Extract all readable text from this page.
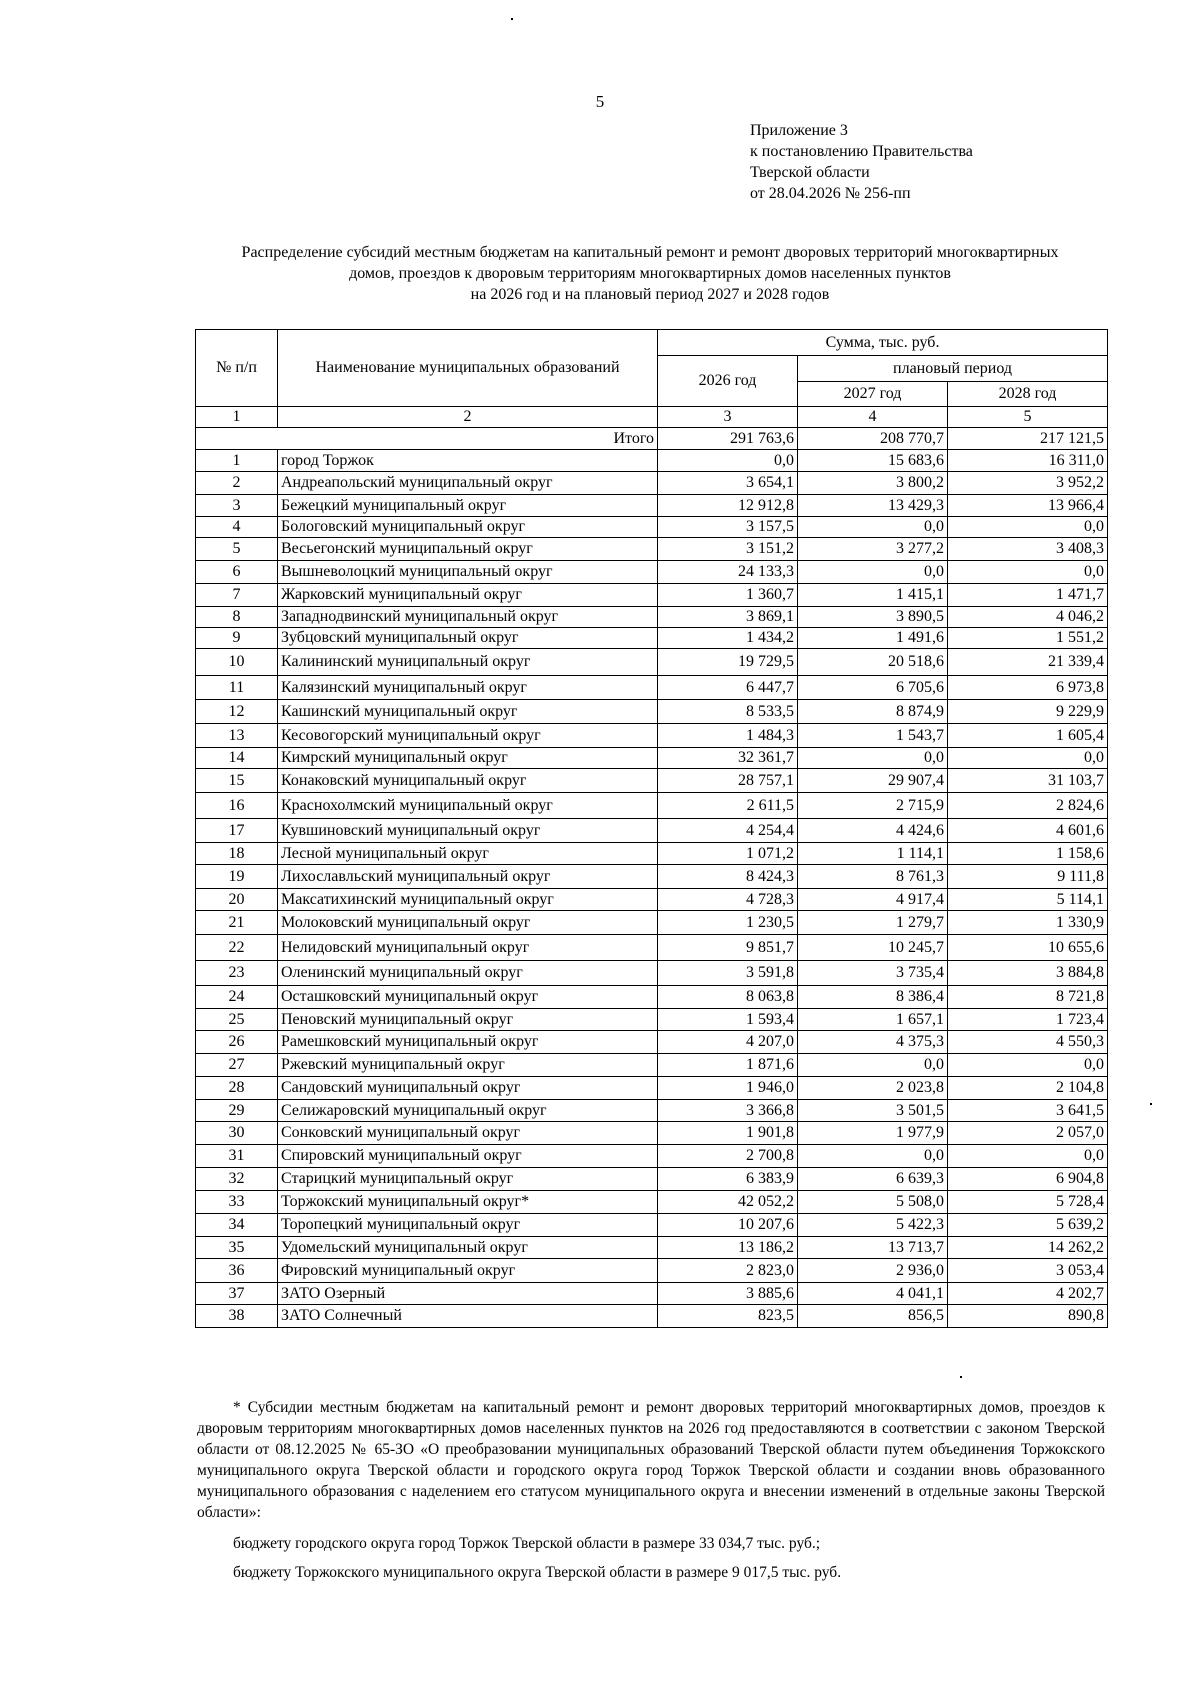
5
Приложение 3
к постановлению Правительства
Тверской области
от 28.04.2026 № 256-пп
Распределение субсидий местным бюджетам на капитальный ремонт и ремонт дворовых территорий многоквартирных
домов, проездов к дворовым территориям многоквартирных домов населенных пунктов
на 2026 год и на плановый период 2027 и 2028 годов
№ п/п	Наименование муниципальных образований	Сумма, тыс. руб.		
		2026 год	плановый период	
			2027 год	2028 год
1	2	3	4	5
Итого		291 763,6	208 770,7	217 121,5
1	город Торжок	0,0	15 683,6	16 311,0
2	Андреапольский муниципальный округ	3 654,1	3 800,2	3 952,2
3	Бежецкий муниципальный округ	12 912,8	13 429,3	13 966,4
4	Бологовский муниципальный округ	3 157,5	0,0	0,0
5	Весьегонский муниципальный округ	3 151,2	3 277,2	3 408,3
6	Вышневолоцкий муниципальный округ	24 133,3	0,0	0,0
7	Жарковский муниципальный округ	1 360,7	1 415,1	1 471,7
8	Западнодвинский муниципальный округ	3 869,1	3 890,5	4 046,2
9	Зубцовский муниципальный округ	1 434,2	1 491,6	1 551,2
10	Калининский муниципальный округ	19 729,5	20 518,6	21 339,4
11	Калязинский муниципальный округ	6 447,7	6 705,6	6 973,8
12	Кашинский муниципальный округ	8 533,5	8 874,9	9 229,9
13	Кесовогорский муниципальный округ	1 484,3	1 543,7	1 605,4
14	Кимрский муниципальный округ	32 361,7	0,0	0,0
15	Конаковский муниципальный округ	28 757,1	29 907,4	31 103,7
16	Краснохолмский муниципальный округ	2 611,5	2 715,9	2 824,6
17	Кувшиновский муниципальный округ	4 254,4	4 424,6	4 601,6
18	Лесной муниципальный округ	1 071,2	1 114,1	1 158,6
19	Лихославльский муниципальный округ	8 424,3	8 761,3	9 111,8
20	Максатихинский муниципальный округ	4 728,3	4 917,4	5 114,1
21	Молоковский муниципальный округ	1 230,5	1 279,7	1 330,9
22	Нелидовский муниципальный округ	9 851,7	10 245,7	10 655,6
23	Оленинский муниципальный округ	3 591,8	3 735,4	3 884,8
24	Осташковский муниципальный округ	8 063,8	8 386,4	8 721,8
25	Пеновский муниципальный округ	1 593,4	1 657,1	1 723,4
26	Рамешковский муниципальный округ	4 207,0	4 375,3	4 550,3
27	Ржевский муниципальный округ	1 871,6	0,0	0,0
28	Сандовский муниципальный округ	1 946,0	2 023,8	2 104,8
29	Селижаровский муниципальный округ	3 366,8	3 501,5	3 641,5
30	Сонковский муниципальный округ	1 901,8	1 977,9	2 057,0
31	Спировский муниципальный округ	2 700,8	0,0	0,0
32	Старицкий муниципальный округ	6 383,9	6 639,3	6 904,8
33	Торжокский муниципальный округ*	42 052,2	5 508,0	5 728,4
34	Торопецкий муниципальный округ	10 207,6	5 422,3	5 639,2
35	Удомельский муниципальный округ	13 186,2	13 713,7	14 262,2
36	Фировский муниципальный округ	2 823,0	2 936,0	3 053,4
37	ЗАТО Озерный	3 885,6	4 041,1	4 202,7
38	ЗАТО Солнечный	823,5	856,5	890,8

* Субсидии местным бюджетам на капитальный ремонт и ремонт дворовых территорий многоквартирных домов, проездов к дворовым территориям многоквартирных домов населенных пунктов на 2026 год предоставляются в соответствии с законом Тверской области от 08.12.2025 № 65-ЗО «О преобразовании муниципальных образований Тверской области путем объединения Торжокского муниципального округа Тверской области и городского округа город Торжок Тверской области и создании вновь образованного муниципального образования с наделением его статусом муниципального округа и внесении изменений в отдельные законы Тверской области»:

бюджету городского округа город Торжок Тверской области в размере 33 034,7 тыс. руб.;

бюджету Торжокского муниципального округа Тверской области в размере 9 017,5 тыс. руб.
